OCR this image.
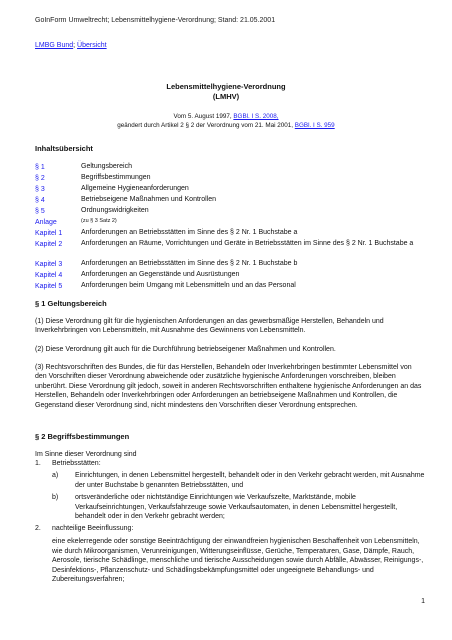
GoInForm Umweltrecht; Lebensmittelhygiene-Verordnung; Stand: 21.05.2001
LMBG Bund; Übersicht
Lebensmittelhygiene-Verordnung
(LMHV)
Vom 5. August 1997, BGBl. I S. 2008,
geändert durch Artikel 2 § 2 der Verordnung vom 21. Mai 2001, BGBl. I S. 959
Inhaltsübersicht
§ 1	Geltungsbereich
§ 2	Begriffsbestimmungen
§ 3	Allgemeine Hygieneanforderungen
§ 4	Betriebseigene Maßnahmen und Kontrollen
§ 5	Ordnungswidrigkeiten
Anlage	(zu § 3 Satz 2)
Kapitel 1	Anforderungen an Betriebsstätten im Sinne des § 2 Nr. 1 Buchstabe a
Kapitel 2	Anforderungen an Räume, Vorrichtungen und Geräte in Betriebsstätten im Sinne des § 2 Nr. 1 Buchstabe a
Kapitel 3	Anforderungen an Betriebsstätten im Sinne des § 2 Nr. 1 Buchstabe b
Kapitel 4	Anforderungen an Gegenstände und Ausrüstungen
Kapitel 5	Anforderungen beim Umgang mit Lebensmitteln und an das Personal
§ 1 Geltungsbereich
(1) Diese Verordnung gilt für die hygienischen Anforderungen an das gewerbsmäßige Herstellen, Behandeln und Inverkehrbringen von Lebensmitteln, mit Ausnahme des Gewinnens von Lebensmitteln.
(2) Diese Verordnung gilt auch für die Durchführung betriebseigener Maßnahmen und Kontrollen.
(3) Rechtsvorschriften des Bundes, die für das Herstellen, Behandeln oder Inverkehrbringen bestimmter Lebensmittel von den Vorschriften dieser Verordnung abweichende oder zusätzliche hygienische Anforderungen vorschreiben, bleiben unberührt. Diese Verordnung gilt jedoch, soweit in anderen Rechtsvorschriften enthaltene hygienische Anforderungen an das Herstellen, Behandeln oder Inverkehrbringen oder Anforderungen an betriebseigene Maßnahmen und Kontrollen, die Gegenstand dieser Verordnung sind, nicht mindestens den Vorschriften dieser Verordnung entsprechen.
§ 2 Begriffsbestimmungen
Im Sinne dieser Verordnung sind
1. Betriebsstätten:
a) Einrichtungen, in denen Lebensmittel hergestellt, behandelt oder in den Verkehr gebracht werden, mit Ausnahme der unter Buchstabe b genannten Betriebsstätten, und
b) ortsveränderliche oder nichtständige Einrichtungen wie Verkaufszelte, Marktstände, mobile Verkaufseinrichtungen, Verkaufsfahrzeuge sowie Verkaufsautomaten, in denen Lebensmittel hergestellt, behandelt oder in den Verkehr gebracht werden;
2. nachteilige Beeinflussung:
eine ekelerregende oder sonstige Beeinträchtigung der einwandfreien hygienischen Beschaffenheit von Lebensmitteln, wie durch Mikroorganismen, Verunreinigungen, Witterungseinflüsse, Gerüche, Temperaturen, Gase, Dämpfe, Rauch, Aerosole, tierische Schädlinge, menschliche und tierische Ausscheidungen sowie durch Abfälle, Abwässer, Reinigungs-, Desinfektions-, Pflanzenschutz- und Schädlingsbekämpfungsmittel oder ungeeignete Behandlungs- und Zubereitungsverfahren;
1
